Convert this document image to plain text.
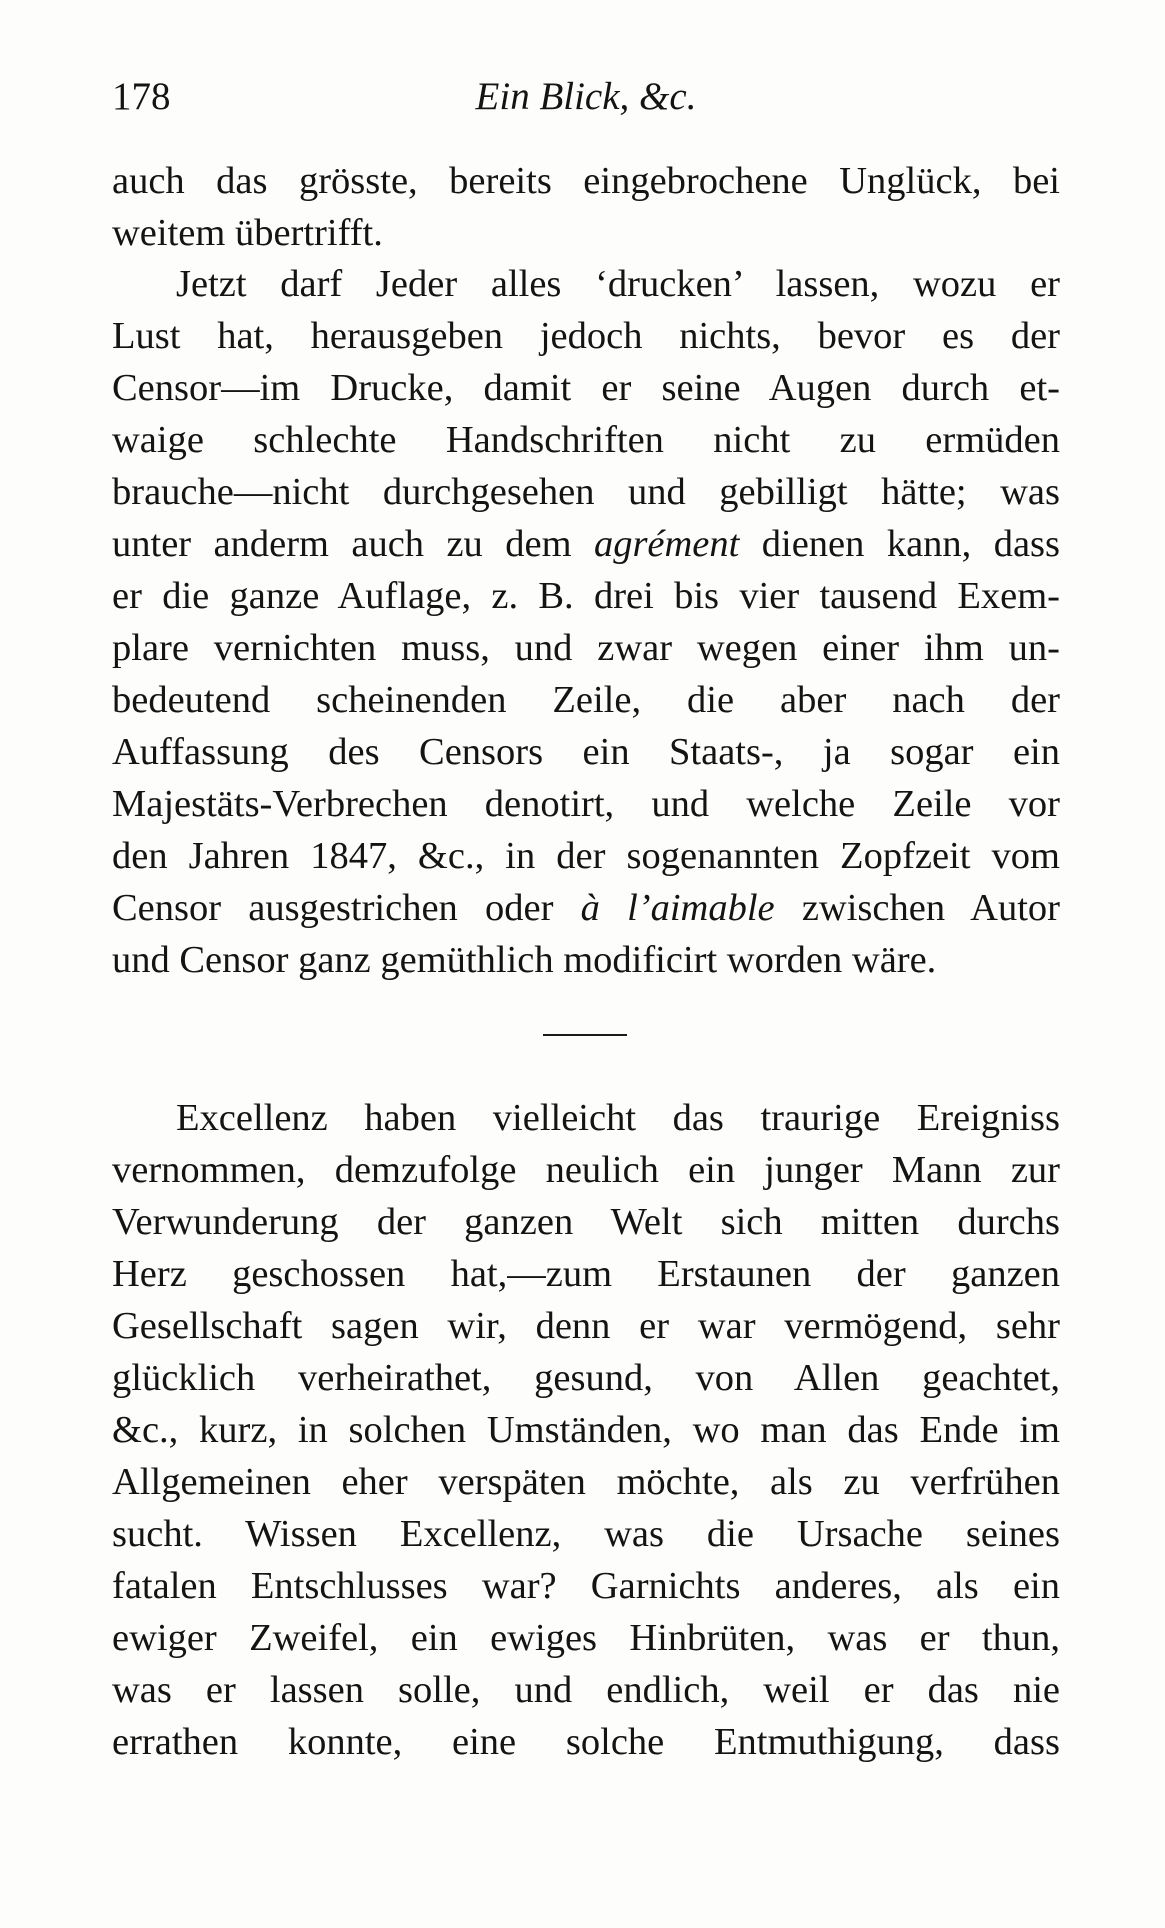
178	Ein Blick, &c.
auch das grösste, bereits eingebrochene Unglück, bei
weitem übertrifft.
Jetzt darf Jeder alles ‘drucken’ lassen, wozu er
Lust hat, herausgeben jedoch nichts, bevor es der
Censor—im Drucke, damit er seine Augen durch et-
waige schlechte Handschriften nicht zu ermüden
brauche—nicht durchgesehen und gebilligt hätte; was
unter anderm auch zu dem agrément dienen kann, dass
er die ganze Auflage, z. B. drei bis vier tausend Exem-
plare vernichten muss, und zwar wegen einer ihm un-
bedeutend scheinenden Zeile, die aber nach der
Auffassung des Censors ein Staats-, ja sogar ein
Majestäts-Verbrechen denotirt, und welche Zeile vor
den Jahren 1847, &c., in der sogenannten Zopfzeit vom
Censor ausgestrichen oder à l’aimable zwischen Autor
und Censor ganz gemüthlich modificirt worden wäre.
Excellenz haben vielleicht das traurige Ereigniss
vernommen, demzufolge neulich ein junger Mann zur
Verwunderung der ganzen Welt sich mitten durchs
Herz geschossen hat,—zum Erstaunen der ganzen
Gesellschaft sagen wir, denn er war vermögend, sehr
glücklich verheirathet, gesund, von Allen geachtet,
&c., kurz, in solchen Umständen, wo man das Ende im
Allgemeinen eher verspäten möchte, als zu verfrühen
sucht. Wissen Excellenz, was die Ursache seines
fatalen Entschlusses war? Garnichts anderes, als ein
ewiger Zweifel, ein ewiges Hinbrüten, was er thun,
was er lassen solle, und endlich, weil er das nie
errathen konnte, eine solche Entmuthigung, dass
